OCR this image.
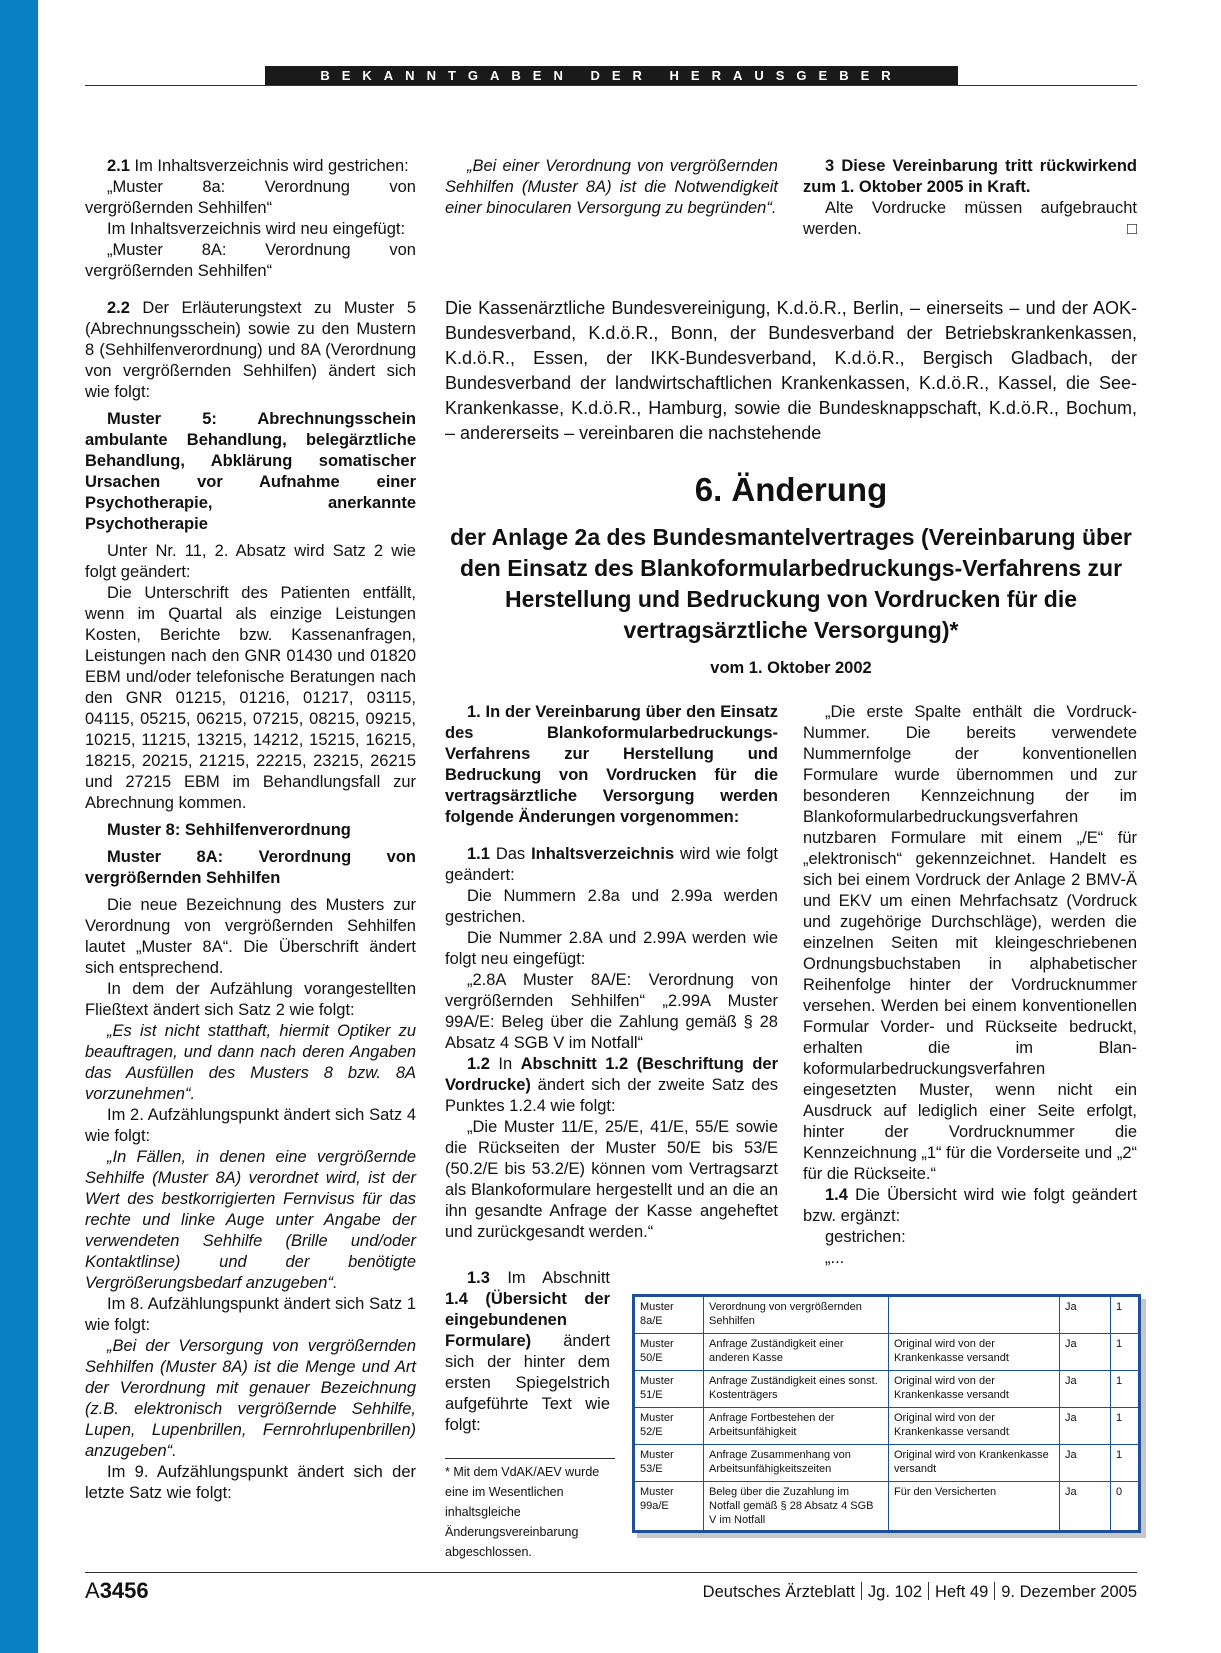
BEKANNTGABEN DER HERAUSGEBER

2.1 Im Inhaltsverzeichnis wird gestrichen:

„Muster 8a: Verordnung von vergrößernden Sehhilfen“

Im Inhaltsverzeichnis wird neu eingefügt:

„Muster 8A: Verordnung von vergrößernden Sehhilfen“

2.2 Der Erläuterungstext zu Muster 5 (Abrechnungsschein) sowie zu den Mustern 8 (Sehhilfenverordnung) und 8A (Verordnung von vergrößernden Sehhilfen) ändert sich wie folgt:

Muster 5: Abrechnungsschein ambulante Behandlung, belegärztliche Behandlung, Abklärung somatischer Ursachen vor Aufnahme einer Psychotherapie, anerkannte Psychotherapie

Unter Nr. 11, 2. Absatz wird Satz 2 wie folgt geändert:

Die Unterschrift des Patienten entfällt, wenn im Quartal als einzige Leistungen Kosten, Berichte bzw. Kassenanfragen, Leistungen nach den GNR 01430 und 01820 EBM und/oder telefonische Beratungen nach den GNR 01215, 01216, 01217, 03115, 04115, 05215, 06215, 07215, 08215, 09215, 10215, 11215, 13215, 14212, 15215, 16215, 18215, 20215, 21215, 22215, 23215, 26215 und 27215 EBM im Behandlungsfall zur Abrechnung kommen.

Muster 8: Sehhilfenverordnung

Muster 8A: Verordnung von vergrößernden Sehhilfen

Die neue Bezeichnung des Musters zur Verordnung von vergrößernden Sehhilfen lautet „Muster 8A“. Die Überschrift ändert sich entsprechend.

In dem der Aufzählung vorangestellten Fließtext ändert sich Satz 2 wie folgt:

„Es ist nicht statthaft, hiermit Optiker zu beauftragen, und dann nach deren Angaben das Ausfüllen des Musters 8 bzw. 8A vorzunehmen“.

Im 2. Aufzählungspunkt ändert sich Satz 4 wie folgt:

„In Fällen, in denen eine vergrößernde Sehhilfe (Muster 8A) verordnet wird, ist der Wert des bestkorrigierten Fernvisus für das rechte und linke Auge unter Angabe der verwendeten Sehhilfe (Brille und/oder Kontaktlinse) und der benötigte Vergrößerungsbedarf anzugeben“.

Im 8. Aufzählungspunkt ändert sich Satz 1 wie folgt:

„Bei der Versorgung von vergrößernden Sehhilfen (Muster 8A) ist die Menge und Art der Verordnung mit genauer Bezeichnung (z.B. elektronisch vergrößernde Sehhilfe, Lupen, Lupenbrillen, Fernrohrlupenbrillen) anzugeben“.

Im 9. Aufzählungspunkt ändert sich der letzte Satz wie folgt:

„Bei einer Verordnung von vergrößernden Sehhilfen (Muster 8A) ist die Notwendigkeit einer binocularen Versorgung zu begründen“.

3 Diese Vereinbarung tritt rückwirkend zum 1. Oktober 2005 in Kraft.

Alte Vordrucke müssen aufgebraucht werden.	□

Die Kassenärztliche Bundesvereinigung, K.d.ö.R., Berlin, – einerseits – und der AOK-Bundesverband, K.d.ö.R., Bonn, der Bundesverband der Betriebskrankenkassen, K.d.ö.R., Essen, der IKK-Bundesverband, K.d.ö.R., Bergisch Gladbach, der Bundesverband der landwirtschaftlichen Krankenkassen, K.d.ö.R., Kassel, die See-Krankenkasse, K.d.ö.R., Hamburg, sowie die Bundesknappschaft, K.d.ö.R., Bochum, – andererseits – vereinbaren die nachstehende
6. Änderung
der Anlage 2a des Bundesmantelvertrages (Vereinbarung über den Einsatz des Blankoformularbedruckungs-Verfahrens zur Herstellung und Bedruckung von Vordrucken für die vertragsärztliche Versorgung)*
vom 1. Oktober 2002

1. In der Vereinbarung über den Einsatz des Blankoformularbedruckungs-Verfahrens zur Herstellung und Bedruckung von Vordrucken für die vertragsärztliche Versorgung werden folgende Änderungen vorgenommen:

1.1 Das Inhaltsverzeichnis wird wie folgt geändert:

Die Nummern 2.8a und 2.99a werden gestrichen.

Die Nummer 2.8A und 2.99A werden wie folgt neu eingefügt:

„2.8A Muster 8A/E: Verordnung von vergrößernden Sehhilfen“ „2.99A Muster 99A/E: Beleg über die Zahlung gemäß § 28 Absatz 4 SGB V im Notfall“

1.2 In Abschnitt 1.2 (Beschriftung der Vordrucke) ändert sich der zweite Satz des Punktes 1.2.4 wie folgt:

„Die Muster 11/E, 25/E, 41/E, 55/E sowie die Rückseiten der Muster 50/E bis 53/E (50.2/E bis 53.2/E) können vom Vertragsarzt als Blankoformulare hergestellt und an die an ihn gesandte Anfrage der Kasse angeheftet und zurückgesandt werden.“

1.3 Im Abschnitt 1.4 (Übersicht der eingebundenen Formulare) ändert sich der hinter dem ersten Spiegelstrich aufgeführte Text wie folgt:

* Mit dem VdAK/AEV wurde eine im Wesentlichen inhaltsgleiche Änderungsvereinbarung abgeschlossen.

„Die erste Spalte enthält die Vordruck-Nummer. Die bereits verwendete Nummernfolge der konventionellen Formulare wurde übernommen und zur besonderen Kennzeichnung der im Blankoformularbedruckungsverfahren nutzbaren Formulare mit einem „/E“ für „elektronisch“ gekennzeichnet. Handelt es sich bei einem Vordruck der Anlage 2 BMV-Ä und EKV um einen Mehrfachsatz (Vordruck und zugehörige Durchschläge), werden die einzelnen Seiten mit kleingeschriebenen Ordnungsbuchstaben in alphabetischer Reihenfolge hinter der Vordrucknummer versehen. Werden bei einem konventionellen Formular Vorder- und Rückseite bedruckt, erhalten die im Blan-koformularbedruckungsverfahren eingesetzten Muster, wenn nicht ein Ausdruck auf lediglich einer Seite erfolgt, hinter der Vordrucknummer die Kennzeichnung „1“ für die Vorderseite und „2“ für die Rückseite.“

1.4 Die Übersicht wird wie folgt geändert bzw. ergänzt:

gestrichen:

„...

Muster 8a/E	Verordnung von vergrößernden Sehhilfen		Ja	1
Muster 50/E	Anfrage Zuständigkeit einer anderen Kasse	Original wird von der Krankenkasse versandt	Ja	1
Muster 51/E	Anfrage Zuständigkeit eines sonst. Kostenträgers	Original wird von der Krankenkasse versandt	Ja	1
Muster 52/E	Anfrage Fortbestehen der Arbeitsunfähigkeit	Original wird von der Krankenkasse versandt	Ja	1
Muster 53/E	Anfrage Zusammenhang von Arbeitsunfähigkeitszeiten	Original wird von Krankenkasse versandt	Ja	1
Muster 99a/E	Beleg über die Zuzahlung im Notfall gemäß § 28 Absatz 4 SGB V im Notfall	Für den Versicherten	Ja	0
A3456	Deutsches Ärzteblatt Jg. 102 Heft 49 9. Dezember 2005
